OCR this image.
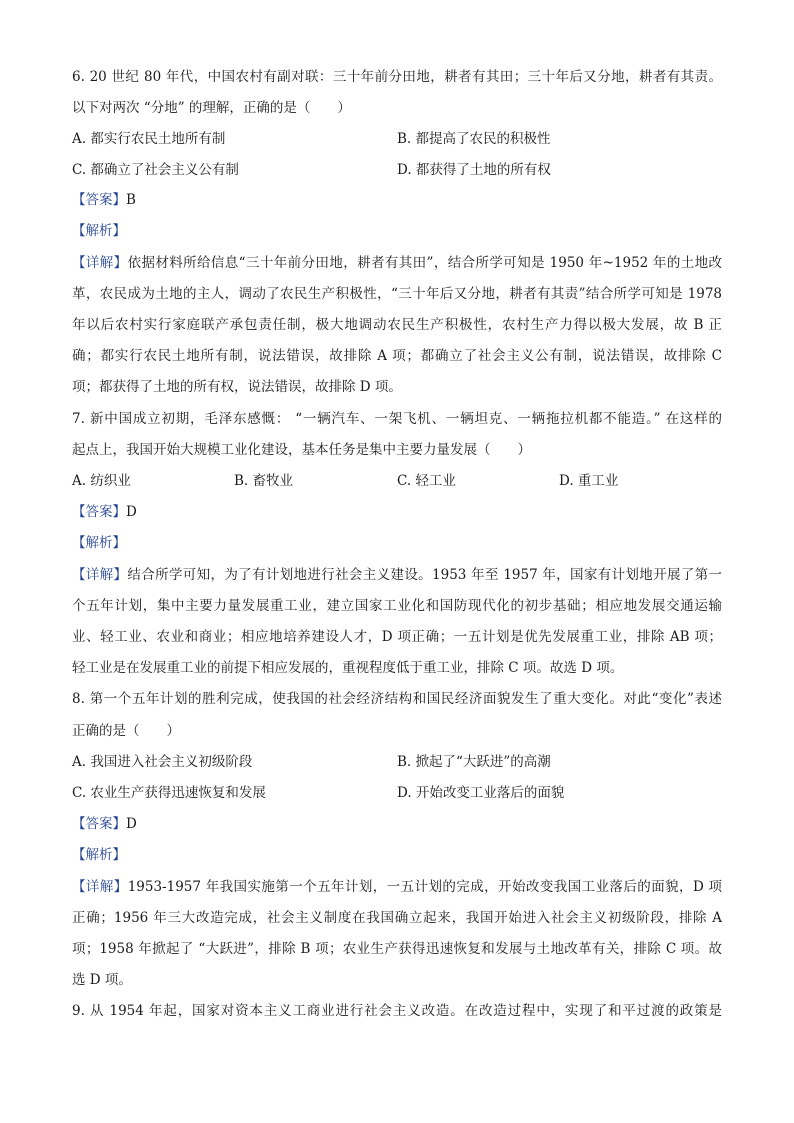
6. 20 世纪 80 年代，中国农村有副对联：三十年前分田地，耕者有其田；三十年后又分地，耕者有其责。
以下对两次 “分地” 的理解，正确的是（　　）
A. 都实行农民土地所有制	B. 都提高了农民的积极性
C. 都确立了社会主义公有制	D. 都获得了土地的所有权
【答案】B
【解析】
【详解】依据材料所给信息“三十年前分田地，耕者有其田”，结合所学可知是 1950 年~1952 年的土地改
革，农民成为土地的主人，调动了农民生产积极性，“三十年后又分地，耕者有其责”结合所学可知是 1978
年以后农村实行家庭联产承包责任制，极大地调动农民生产积极性，农村生产力得以极大发展，故 B 正
确；都实行农民土地所有制，说法错误，故排除 A 项；都确立了社会主义公有制，说法错误，故排除 C
项；都获得了土地的所有权，说法错误，故排除 D 项。
7. 新中国成立初期，毛泽东感慨： “一辆汽车、一架飞机、一辆坦克、一辆拖拉机都不能造。” 在这样的
起点上，我国开始大规模工业化建设，基本任务是集中主要力量发展（　　）
A. 纺织业	B. 畜牧业	C. 轻工业	D. 重工业
【答案】D
【解析】
【详解】结合所学可知，为了有计划地进行社会主义建设。1953 年至 1957 年，国家有计划地开展了第一
个五年计划，集中主要力量发展重工业，建立国家工业化和国防现代化的初步基础；相应地发展交通运输
业、轻工业、农业和商业；相应地培养建设人才，D 项正确；一五计划是优先发展重工业，排除 AB 项；
轻工业是在发展重工业的前提下相应发展的，重视程度低于重工业，排除 C 项。故选 D 项。
8. 第一个五年计划的胜利完成，使我国的社会经济结构和国民经济面貌发生了重大变化。对此“变化”表述
正确的是（　　）
A. 我国进入社会主义初级阶段	B. 掀起了“大跃进”的高潮
C. 农业生产获得迅速恢复和发展	D. 开始改变工业落后的面貌
【答案】D
【解析】
【详解】1953-1957 年我国实施第一个五年计划，一五计划的完成，开始改变我国工业落后的面貌，D 项
正确；1956 年三大改造完成，社会主义制度在我国确立起来，我国开始进入社会主义初级阶段，排除 A
项；1958 年掀起了 “大跃进”，排除 B 项；农业生产获得迅速恢复和发展与土地改革有关，排除 C 项。故
选 D 项。
9. 从 1954 年起，国家对资本主义工商业进行社会主义改造。在改造过程中，实现了和平过渡的政策是
